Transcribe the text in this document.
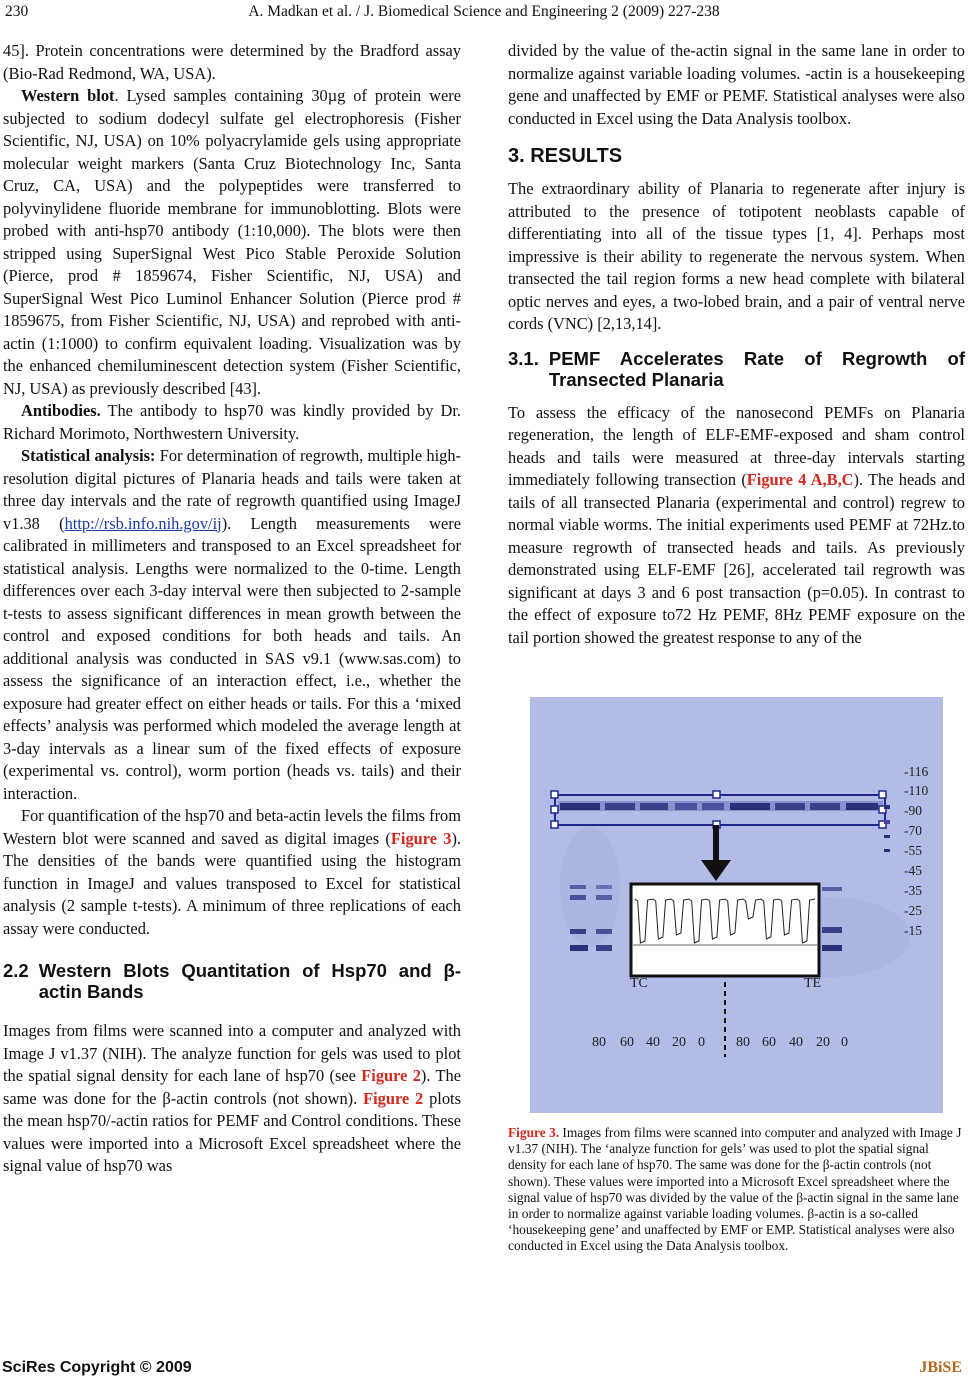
230	A. Madkan et al. / J. Biomedical Science and Engineering 2 (2009) 227-238

45]. Protein concentrations were determined by the Bradford assay (Bio-Rad Redmond, WA, USA).

Western blot. Lysed samples containing 30µg of protein were subjected to sodium dodecyl sulfate gel electrophoresis (Fisher Scientific, NJ, USA) on 10% polyacrylamide gels using appropriate molecular weight markers (Santa Cruz Biotechnology Inc, Santa Cruz, CA, USA) and the polypeptides were transferred to polyvinylidene fluoride membrane for immunoblotting. Blots were probed with anti-hsp70 antibody (1:10,000). The blots were then stripped using SuperSignal West Pico Stable Peroxide Solution (Pierce, prod # 1859674, Fisher Scientific, NJ, USA) and SuperSignal West Pico Luminol Enhancer Solution (Pierce prod # 1859675, from Fisher Scientific, NJ, USA) and reprobed with anti-actin (1:1000) to confirm equivalent loading. Visualization was by the enhanced chemiluminescent detection system (Fisher Scientific, NJ, USA) as previously described [43].

Antibodies. The antibody to hsp70 was kindly provided by Dr. Richard Morimoto, Northwestern University.

Statistical analysis: For determination of regrowth, multiple high-resolution digital pictures of Planaria heads and tails were taken at three day intervals and the rate of regrowth quantified using ImageJ v1.38 (http://rsb.info.nih.gov/ij). Length measurements were calibrated in millimeters and transposed to an Excel spreadsheet for statistical analysis. Lengths were normalized to the 0-time. Length differences over each 3-day interval were then subjected to 2-sample t-tests to assess significant differences in mean growth between the control and exposed conditions for both heads and tails. An additional analysis was conducted in SAS v9.1 (www.sas.com) to assess the significance of an interaction effect, i.e., whether the exposure had greater effect on either heads or tails. For this a ‘mixed effects’ analysis was performed which modeled the average length at 3-day intervals as a linear sum of the fixed effects of exposure (experimental vs. control), worm portion (heads vs. tails) and their interaction.

For quantification of the hsp70 and beta-actin levels the films from Western blot were scanned and saved as digital images (Figure 3). The densities of the bands were quantified using the histogram function in ImageJ and values transposed to Excel for statistical analysis (2 sample t-tests). A minimum of three replications of each assay were conducted.

2.2 Western Blots Quantitation of Hsp70 and β-actin Bands

Images from films were scanned into a computer and analyzed with Image J v1.37 (NIH). The analyze function for gels was used to plot the spatial signal density for each lane of hsp70 (see Figure 2). The same was done for the β-actin controls (not shown). Figure 2 plots the mean hsp70/-actin ratios for PEMF and Control conditions. These values were imported into a Microsoft Excel spreadsheet where the signal value of hsp70 was

divided by the value of the-actin signal in the same lane in order to normalize against variable loading volumes. -actin is a housekeeping gene and unaffected by EMF or PEMF. Statistical analyses were also conducted in Excel using the Data Analysis toolbox.

3. RESULTS

The extraordinary ability of Planaria to regenerate after injury is attributed to the presence of totipotent neoblasts capable of differentiating into all of the tissue types [1, 4]. Perhaps most impressive is their ability to regenerate the nervous system. When transected the tail region forms a new head complete with bilateral optic nerves and eyes, a two-lobed brain, and a pair of ventral nerve cords (VNC) [2,13,14].

3.1. PEMF Accelerates Rate of Regrowth of Transected Planaria

To assess the efficacy of the nanosecond PEMFs on Planaria regeneration, the length of ELF-EMF-exposed and sham control heads and tails were measured at three-day intervals starting immediately following transection (Figure 4 A,B,C). The heads and tails of all transected Planaria (experimental and control) regrew to normal viable worms. The initial experiments used PEMF at 72Hz.to measure regrowth of transected heads and tails. As previously demonstrated using ELF-EMF [26], accelerated tail regrowth was significant at days 3 and 6 post transaction (p=0.05). In contrast to the effect of exposure to72 Hz PEMF, 8Hz PEMF exposure on the tail portion showed the greatest response to any of the

TC	TE
80 60 40 20 0 80 60 40 20 0
-116
-110
-90
-70
-55
-45
-35
-25
-15
Figure 3. Images from films were scanned into computer and analyzed with Image J v1.37 (NIH). The ‘analyze function for gels’ was used to plot the spatial signal density for each lane of hsp70. The same was done for the β-actin controls (not shown). These values were imported into a Microsoft Excel spreadsheet where the signal value of hsp70 was divided by the value of the β-actin signal in the same lane in order to normalize against variable loading volumes. β-actin is a so-called ‘housekeeping gene’ and unaffected by EMF or EMP. Statistical analyses were also conducted in Excel using the Data Analysis toolbox.
SciRes Copyright © 2009	JBiSE
